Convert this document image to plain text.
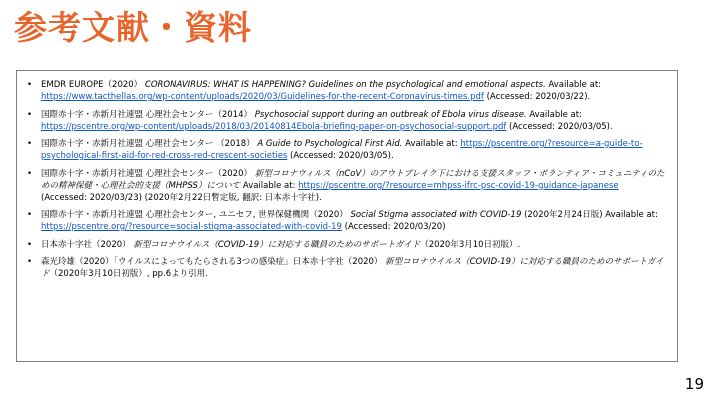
参考文献・資料
• EMDR EUROPE（2020） CORONAVIRUS: WHAT IS HAPPENING? Guidelines on the psychological and emotional aspects. Available at: https://www.tacthellas.org/wp-content/uploads/2020/03/Guidelines-for-the-recent-Coronavirus-times.pdf (Accessed: 2020/03/22).
• 国際赤十字・赤新月社連盟 心理社会センター（2014） Psychosocial support during an outbreak of Ebola virus disease. Available at: https://pscentre.org/wp-content/uploads/2018/03/20140814Ebola-briefing-paper-on-psychosocial-support.pdf (Accessed: 2020/03/05).
• 国際赤十字・赤新月社連盟 心理社会センター （2018） A Guide to Psychological First Aid. Available at: https://pscentre.org/?resource=a-guide-to-psychological-first-aid-for-red-cross-red-crescent-societies (Accessed: 2020/03/05).
• 国際赤十字・赤新月社連盟 心理社会センター（2020） 新型コロナウィルス（nCoV）のアウトブレイク下における支援スタッフ・ボランティア・コミュニティのための精神保健・心理社会的支援（MHPSS）について Available at: https://pscentre.org/?resource=mhpss-ifrc-psc-covid-19-guidance-japanese (Accessed: 2020/03/23) (2020年2月22日暫定版, 翻訳: 日本赤十字社).
• 国際赤十字・赤新月社連盟 心理社会センター, ユニセフ, 世界保健機関（2020） Social Stigma associated with COVID-19 (2020年2月24日版) Available at: https://pscentre.org/?resource=social-stigma-associated-with-covid-19 (Accessed: 2020/03/20)
• 日本赤十字社（2020） 新型コロナウイルス（COVID-19）に対応する職員のためのサポートガイド（2020年3月10日初版）.
• 森光玲雄（2020）「ウイルスによってもたらされる3つの感染症」日本赤十字社（2020） 新型コロナウイルス（COVID-19）に対応する職員のためのサポートガイド（2020年3月10日初版）, pp.6より引用.
19
